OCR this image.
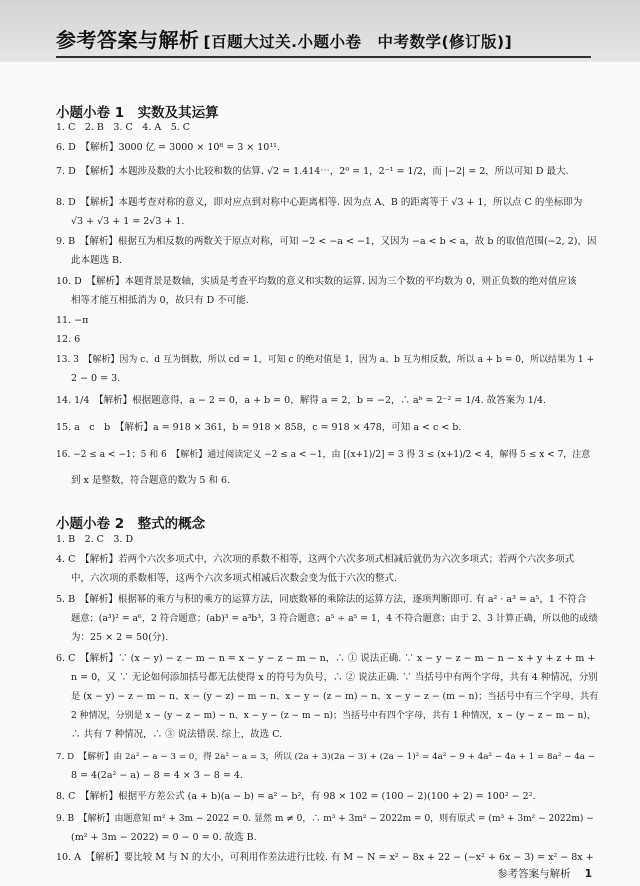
参考答案与解析 [百题大过关.小题小卷　中考数学(修订版)]
小题小卷 1　实数及其运算
1. C　2. B　3. C　4. A　5. C
6. D　【解析】3000 亿 = 3000 × 10⁸ = 3 × 10¹¹.
7. D　【解析】本题涉及数的大小比较和数的估算. √2 = 1.414⋯，2⁰ = 1，2⁻¹ = 1/2，而 |−2| = 2，所以可知 D 最大.
8. D　【解析】本题考查对称的意义，即对应点到对称中心距离相等. 因为点 A、B 的距离等于 √3 + 1，所以点 C 的坐标即为
√3 + √3 + 1 = 2√3 + 1.
9. B　【解析】根据互为相反数的两数关于原点对称，可知 −2 < −a < −1，又因为 −a < b < a，故 b 的取值范围(−2, 2)，因
此本题选 B.
10. D　【解析】本题背景是数轴，实质是考查平均数的意义和实数的运算. 因为三个数的平均数为 0，则正负数的绝对值应该
相等才能互相抵消为 0，故只有 D 不可能.
11. −π
12. 6
13. 3　【解析】因为 c、d 互为倒数，所以 cd = 1，可知 c 的绝对值是 1，因为 a、b 互为相反数，所以 a + b = 0，所以结果为 1 +
2 − 0 = 3.
14. 1/4　【解析】根据题意得，a − 2 = 0，a + b = 0，解得 a = 2，b = −2，∴ aᵇ = 2⁻² = 1/4. 故答案为 1/4.
15. a　c　b　【解析】a = 918 × 361，b = 918 × 858，c = 918 × 478，可知 a < c < b.
16. −2 ≤ a < −1；5 和 6　【解析】通过阅读定义 −2 ≤ a < −1，由 [(x+1)/2] = 3 得 3 ≤ (x+1)/2 < 4，解得 5 ≤ x < 7，注意
到 x 是整数，符合题意的数为 5 和 6.
小题小卷 2　整式的概念
1. B　2. C　3. D
4. C　【解析】若两个六次多项式中，六次项的系数不相等，这两个六次多项式相减后就仍为六次多项式；若两个六次多项式
中，六次项的系数相等，这两个六次多项式相减后次数会变为低于六次的整式.
5. B　【解析】根据幂的乘方与积的乘方的运算方法，同底数幂的乘除法的运算方法，逐项判断即可. 有 a² · a³ = a⁵，1 不符合
题意；(a³)² = a⁶，2 符合题意；(ab)³ = a³b³，3 符合题意；a⁵ ÷ a⁵ = 1，4 不符合题意；由于 2、3 计算正确，所以他的成绩
为：25 × 2 = 50(分).
6. C　【解析】∵ (x − y) − z − m − n = x − y − z − m − n，∴ ① 说法正确. ∵ x − y − z − m − n − x + y + z + m +
n = 0，又 ∵ 无论如何添加括号都无法使得 x 的符号为负号，∴ ② 说法正确. ∵ 当括号中有两个字母，共有 4 种情况，分别
是 (x − y) − z − m − n、x − (y − z) − m − n、x − y − (z − m) − n、x − y − z − (m − n)；当括号中有三个字母，共有
2 种情况，分别是 x − (y − z − m) − n、x − y − (z − m − n)；当括号中有四个字母，共有 1 种情况，x − (y − z − m − n)，
∴ 共有 7 种情况，∴ ③ 说法错误. 综上，故选 C.
7. D　【解析】由 2a² − a − 3 = 0，得 2a² − a = 3，所以 (2a + 3)(2a − 3) + (2a − 1)² = 4a² − 9 + 4a² − 4a + 1 = 8a² − 4a −
8 = 4(2a² − a) − 8 = 4 × 3 − 8 = 4.
8. C　【解析】根据平方差公式 (a + b)(a − b) = a² − b²，有 98 × 102 = (100 − 2)(100 + 2) = 100² − 2².
9. B　【解析】由题意知 m² + 3m − 2022 = 0. 显然 m ≠ 0，∴ m³ + 3m² − 2022m = 0，则有原式 = (m³ + 3m² − 2022m) −
(m² + 3m − 2022) = 0 − 0 = 0. 故选 B.
10. A　【解析】要比较 M 与 N 的大小，可利用作差法进行比较. 有 M − N = x² − 8x + 22 − (−x² + 6x − 3) = x² − 8x +
参考答案与解析 1
